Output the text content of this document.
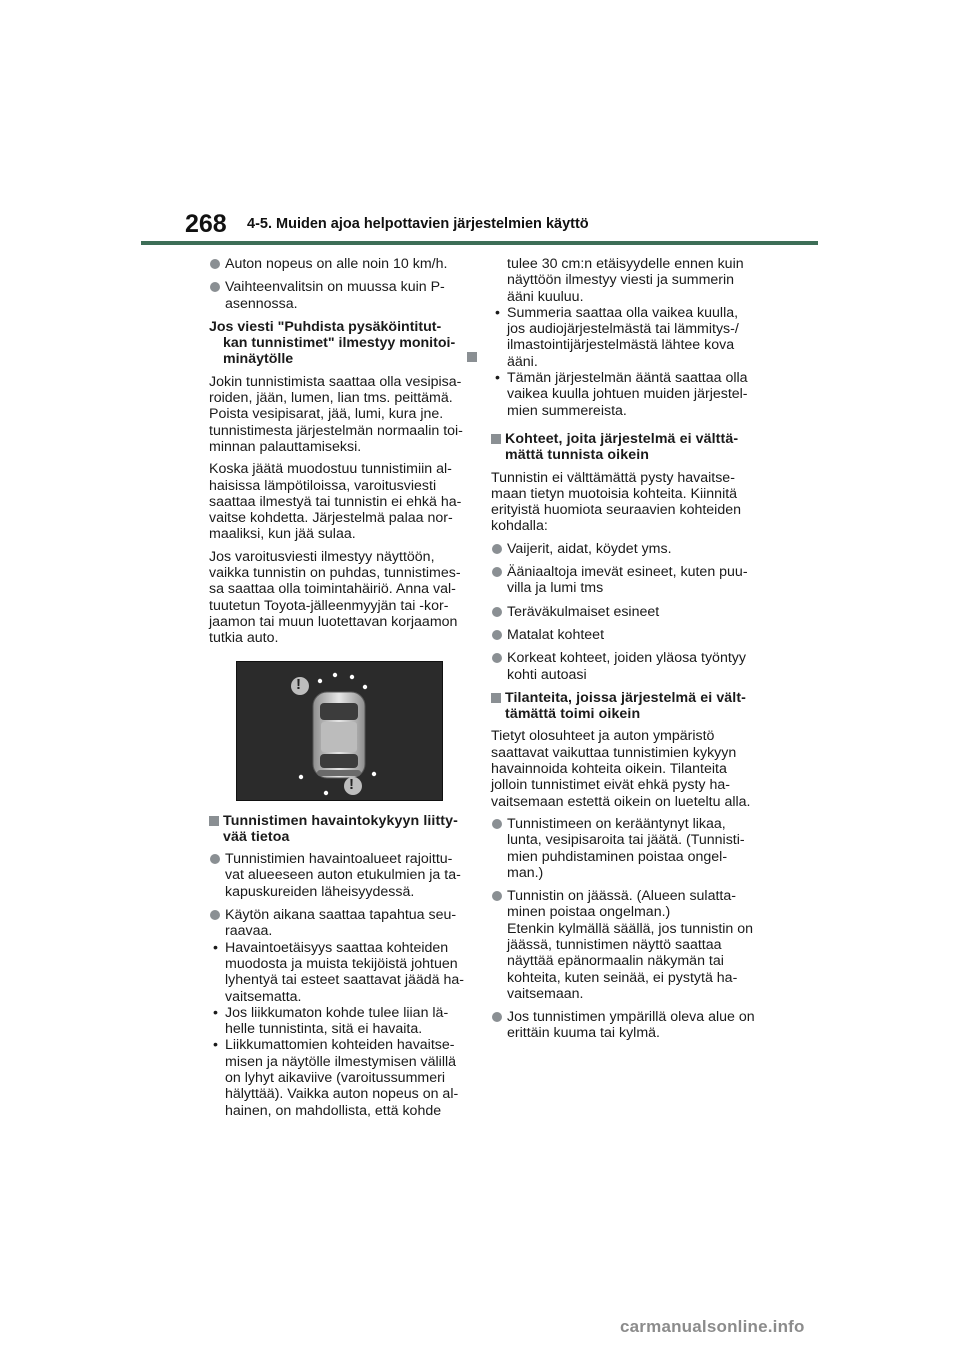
268 4-5. Muiden ajoa helpottavien järjestelmien käyttö
Auton nopeus on alle noin 10 km/h.
Vaihteenvalitsin on muussa kuin P-
asennossa.
Jos viesti "Puhdista pysäköintitut-

kan tunnistimet" ilmestyy monitoi-
minäytölle

Jokin tunnistimista saattaa olla vesipisa-roiden, jään, lumen, lian tms. peittämä. Poista vesipisarat, jää, lumi, kura jne. tunnistimesta järjestelmän normaalin toi-minnan palauttamiseksi.

Koska jäätä muodostuu tunnistimiin al-haisissa lämpötiloissa, varoitusviesti saattaa ilmestyä tai tunnistin ei ehkä ha-vaitse kohdetta. Järjestelmä palaa nor-maaliksi, kun jää sulaa.

Jos varoitusviesti ilmestyy näyttöön, vaikka tunnistin on puhdas, tunnistimes-sa saattaa olla toimintahäiriö. Anna val-tuutetun Toyota-jälleenmyyjän tai -kor-jaamon tai muun luotettavan korjaamon tutkia auto.

!
!
Tunnistimen havaintokykyyn liitty-
vää tietoa
Tunnistimien havaintoalueet rajoittu-vat alueeseen auton etukulmien ja ta-kapuskureiden läheisyydessä.
Käytön aikana saattaa tapahtua seu-
raavaa.
• Havaintoetäisyys saattaa kohteiden muodosta ja muista tekijöistä johtuen lyhentyä tai esteet saattavat jäädä ha-vaitsematta.
• Jos liikkumaton kohde tulee liian lä-helle tunnistinta, sitä ei havaita.
• Liikkumattomien kohteiden havaitse-misen ja näytölle ilmestymisen välillä on lyhyt aikaviive (varoitussummeri hälyttää). Vaikka auton nopeus on al-hainen, on mahdollista, että kohde
tulee 30 cm:n etäisyydelle ennen kuin näyttöön ilmestyy viesti ja summerin ääni kuuluu.
• Summeria saattaa olla vaikea kuulla, jos audiojärjestelmästä tai lämmitys-/ ilmastointijärjestelmästä lähtee kova ääni.
• Tämän järjestelmän ääntä saattaa olla vaikea kuulla johtuen muiden järjestel-mien summereista.
Kohteet, joita järjestelmä ei välttä-
mättä tunnista oikein

Tunnistin ei välttämättä pysty havaitse-maan tietyn muotoisia kohteita. Kiinnitä erityistä huomiota seuraavien kohteiden kohdalla:

Vaijerit, aidat, köydet yms.
Ääniaaltoja imevät esineet, kuten puu-villa ja lumi tms
Teräväkulmaiset esineet
Matalat kohteet
Korkeat kohteet, joiden yläosa työntyy kohti autoasi
Tilanteita, joissa järjestelmä ei vält-
tämättä toimi oikein

Tietyt olosuhteet ja auton ympäristö saattavat vaikuttaa tunnistimien kykyyn havainnoida kohteita oikein. Tilanteita jolloin tunnistimet eivät ehkä pysty ha-vaitsemaan estettä oikein on lueteltu alla.

Tunnistimeen on kerääntynyt likaa, lunta, vesipisaroita tai jäätä. (Tunnisti-mien puhdistaminen poistaa ongel-man.)
Tunnistin on jäässä. (Alueen sulatta-minen poistaa ongelman.)
Etenkin kylmällä säällä, jos tunnistin on jäässä, tunnistimen näyttö saattaa näyttää epänormaalin näkymän tai kohteita, kuten seinää, ei pystytä ha-vaitsemaan.
Jos tunnistimen ympärillä oleva alue on erittäin kuuma tai kylmä.
carmanualsonline.info
